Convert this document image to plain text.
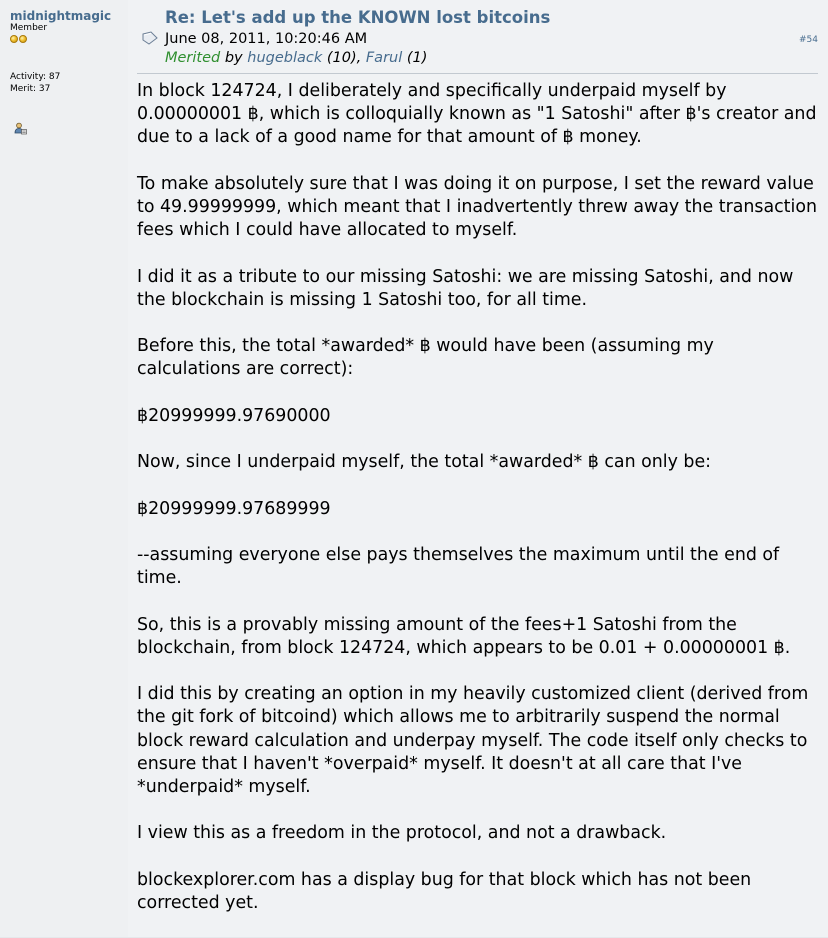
midnightmagic
Member
Activity: 87
Merit: 37
Re: Let's add up the KNOWN lost bitcoins
June 08, 2011, 10:20:46 AM
Merited by hugeblack (10), Farul (1)
#54

In block 124724, I deliberately and specifically underpaid myself by 0.00000001 ฿, which is colloquially known as "1 Satoshi" after ฿'s creator and due to a lack of a good name for that amount of ฿ money.

To make absolutely sure that I was doing it on purpose, I set the reward value to 49.99999999, which meant that I inadvertently threw away the transaction fees which I could have allocated to myself.

I did it as a tribute to our missing Satoshi: we are missing Satoshi, and now the blockchain is missing 1 Satoshi too, for all time.

Before this, the total *awarded* ฿ would have been (assuming my calculations are correct):

฿20999999.97690000

Now, since I underpaid myself, the total *awarded* ฿ can only be:

฿20999999.97689999

--assuming everyone else pays themselves the maximum until the end of time.

So, this is a provably missing amount of the fees+1 Satoshi from the blockchain, from block 124724, which appears to be 0.01 + 0.00000001 ฿.

I did this by creating an option in my heavily customized client (derived from the git fork of bitcoind) which allows me to arbitrarily suspend the normal block reward calculation and underpay myself. The code itself only checks to ensure that I haven't *overpaid* myself. It doesn't at all care that I've *underpaid* myself.

I view this as a freedom in the protocol, and not a drawback.

blockexplorer.com has a display bug for that block which has not been corrected yet.
